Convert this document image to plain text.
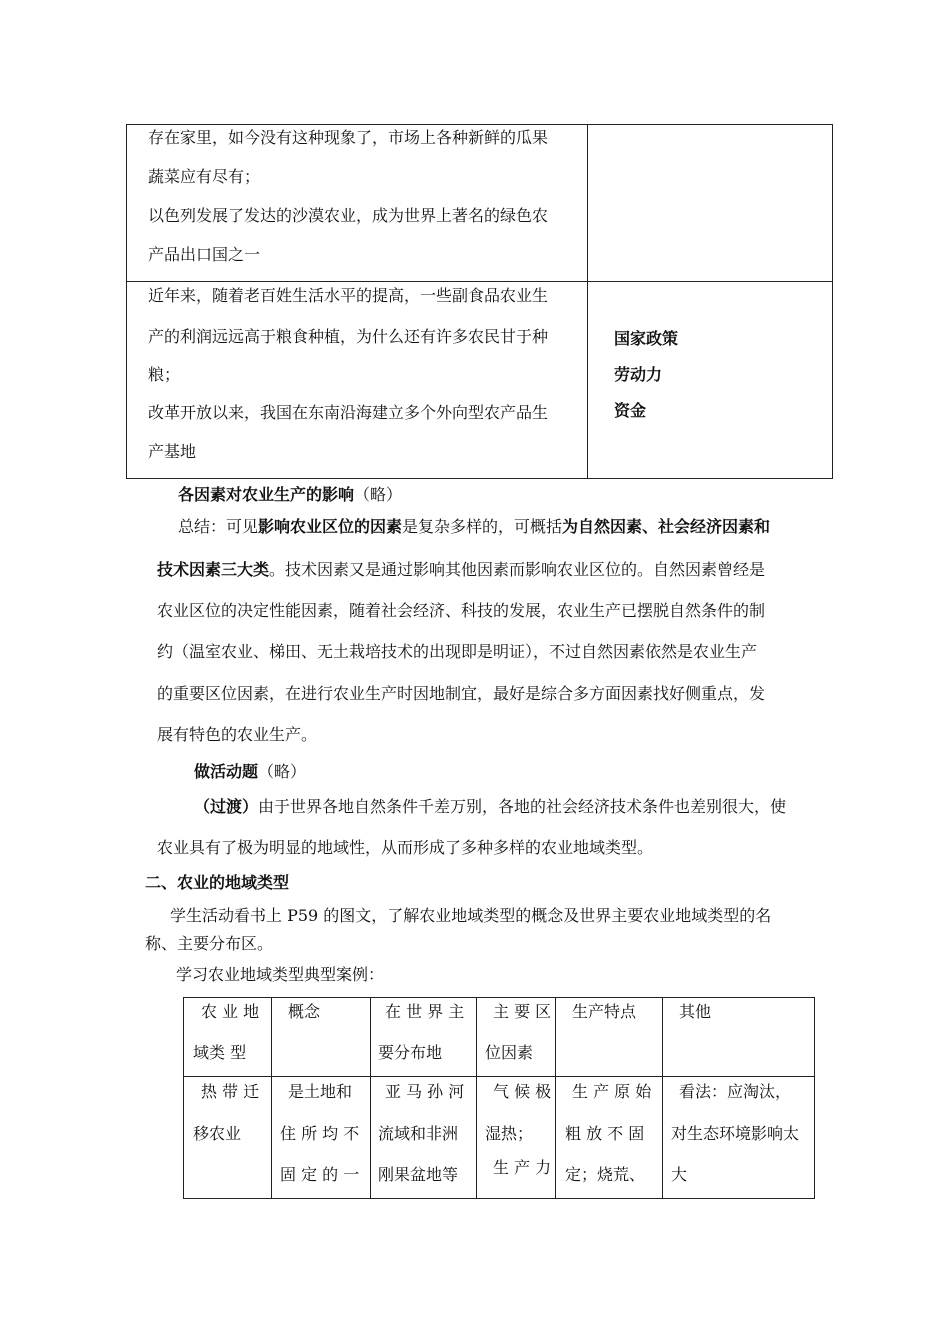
存在家里，如今没有这种现象了，市场上各种新鲜的瓜果
蔬菜应有尽有；
以色列发展了发达的沙漠农业，成为世界上著名的绿色农
产品出口国之一
近年来，随着老百姓生活水平的提高，一些副食品农业生
产的利润远远高于粮食种植，为什么还有许多农民甘于种
粮；
改革开放以来，我国在东南沿海建立多个外向型农产品生
产基地
国家政策
劳动力
资金
各因素对农业生产的影响（略）
总结：可见影响农业区位的因素是复杂多样的，可概括为自然因素、社会经济因素和
技术因素三大类。技术因素又是通过影响其他因素而影响农业区位的。自然因素曾经是
农业区位的决定性能因素，随着社会经济、科技的发展，农业生产已摆脱自然条件的制
约（温室农业、梯田、无土栽培技术的出现即是明证），不过自然因素依然是农业生产
的重要区位因素，在进行农业生产时因地制宜，最好是综合多方面因素找好侧重点，发
展有特色的农业生产。
做活动题（略）
（过渡）由于世界各地自然条件千差万别，各地的社会经济技术条件也差别很大，使
农业具有了极为明显的地域性，从而形成了多种多样的农业地域类型。
二、农业的地域类型
学生活动看书上 P59 的图文，了解农业地域类型的概念及世界主要农业地域类型的名
称、主要分布区。
学习农业地域类型典型案例：
农 业 地
域类 型
概念	在 世 界 主
要分布地
主 要 区
位因素
生产特点	其他
热 带 迁
移农业
是土地和
住 所 均 不
固 定 的 一
亚 马 孙 河
流域和非洲
刚果盆地等
气 候 极
湿热；
生 产 力
生 产 原 始
粗 放 不 固
定；烧荒、
看法：应淘汰，
对生态环境影响太
大
